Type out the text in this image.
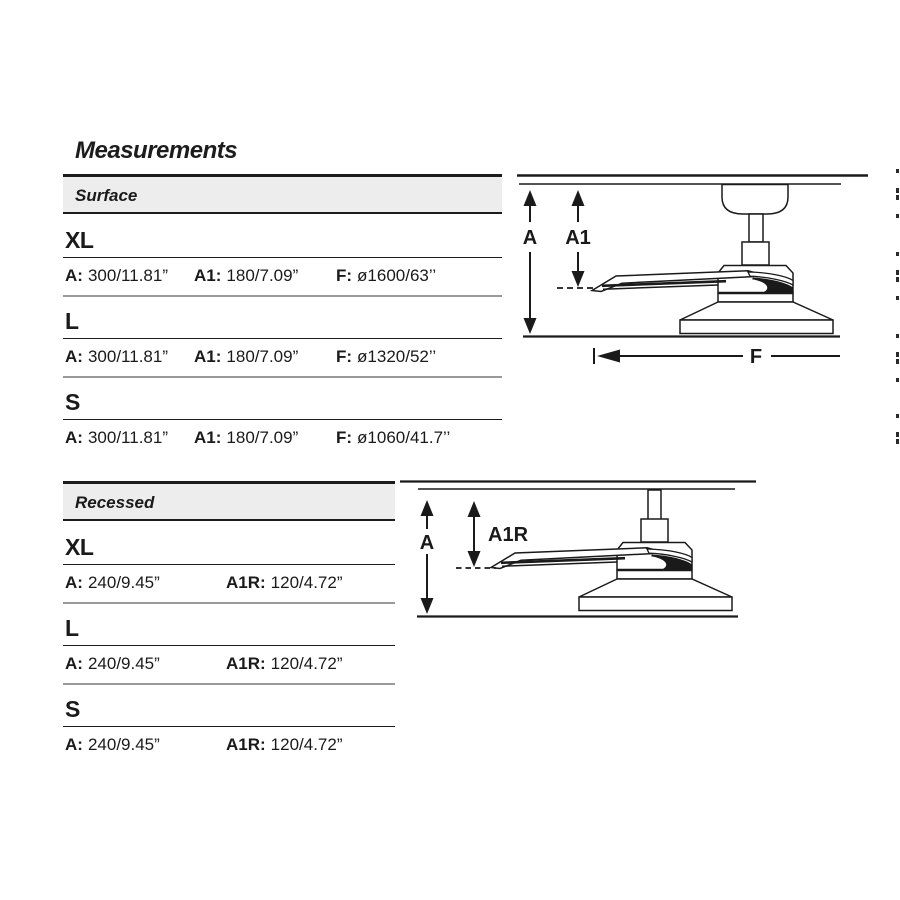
Measurements
Surface
XL
A: 300/11.81”	A1: 180/7.09”	F: ø1600/63’’
L
A: 300/11.81”	A1: 180/7.09”	F: ø1320/52’’
S
A: 300/11.81”	A1: 180/7.09”	F: ø1060/41.7’’
Recessed
XL
A: 240/9.45”	A1R: 120/4.72”
L
A: 240/9.45”	A1R: 120/4.72”
S
A: 240/9.45”	A1R: 120/4.72”
A A1
F
A	A1R
